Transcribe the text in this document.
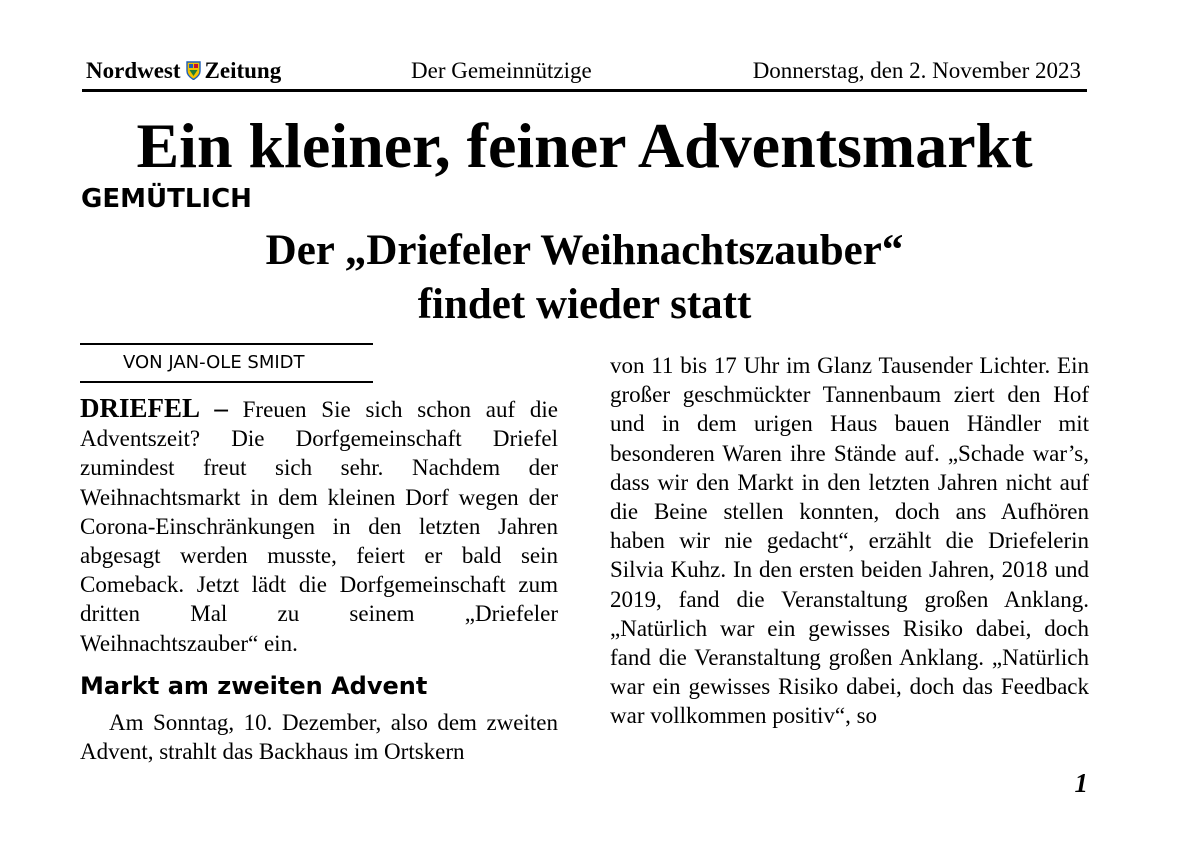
Nordwest Zeitung	Der Gemeinnützige	Donnerstag, den 2. November 2023
Ein kleiner, feiner Adventsmarkt
GEMÜTLICH
Der „Driefeler Weihnachtszauber“
findet wieder statt
VON JAN-OLE SMIDT

DRIEFEL – Freuen Sie sich schon auf die Adventszeit? Die Dorfgemeinschaft Driefel zumindest freut sich sehr. Nachdem der Weihnachtsmarkt in dem kleinen Dorf wegen der Corona-Einschränkungen in den letzten Jahren abgesagt werden musste, feiert er bald sein Comeback. Jetzt lädt die Dorfgemeinschaft zum dritten Mal zu seinem „Driefeler Weihnachtszauber“ ein.

Markt am zweiten Advent

Am Sonntag, 10. Dezember, also dem zweiten Advent, strahlt das Backhaus im Ortskern

von 11 bis 17 Uhr im Glanz Tausender Lichter. Ein großer geschmückter Tannenbaum ziert den Hof und in dem urigen Haus bauen Händler mit besonderen Waren ihre Stände auf. „Schade war’s, dass wir den Markt in den letzten Jahren nicht auf die Beine stellen konnten, doch ans Aufhören haben wir nie gedacht“, erzählt die Driefelerin Silvia Kuhz. In den ersten beiden Jahren, 2018 und 2019, fand die Veranstaltung großen Anklang. „Natürlich war ein gewisses Risiko dabei, doch fand die Veranstaltung großen Anklang. „Natürlich war ein gewisses Risiko dabei, doch das Feedback war vollkommen positiv“, so

1
